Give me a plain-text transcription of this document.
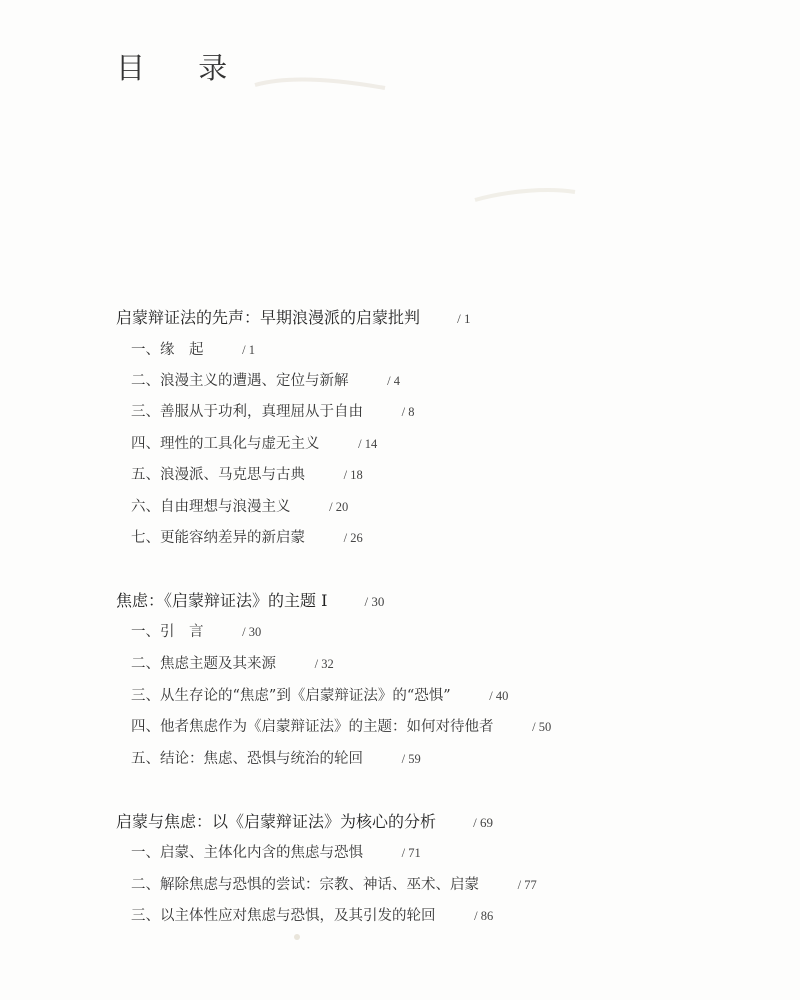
目 录
启蒙辩证法的先声：早期浪漫派的启蒙批判	/ 1
一、缘　起	/ 1
二、浪漫主义的遭遇、定位与新解	/ 4
三、善服从于功利，真理屈从于自由	/ 8
四、理性的工具化与虚无主义	/ 14
五、浪漫派、马克思与古典	/ 18
六、自由理想与浪漫主义	/ 20
七、更能容纳差异的新启蒙	/ 26
焦虑：《启蒙辩证法》的主题 I	/ 30
一、引　言	/ 30
二、焦虑主题及其来源	/ 32
三、从生存论的“焦虑”到《启蒙辩证法》的“恐惧”	/ 40
四、他者焦虑作为《启蒙辩证法》的主题：如何对待他者	/ 50
五、结论：焦虑、恐惧与统治的轮回	/ 59
启蒙与焦虑：以《启蒙辩证法》为核心的分析	/ 69
一、启蒙、主体化内含的焦虑与恐惧	/ 71
二、解除焦虑与恐惧的尝试：宗教、神话、巫术、启蒙	/ 77
三、以主体性应对焦虑与恐惧，及其引发的轮回	/ 86
